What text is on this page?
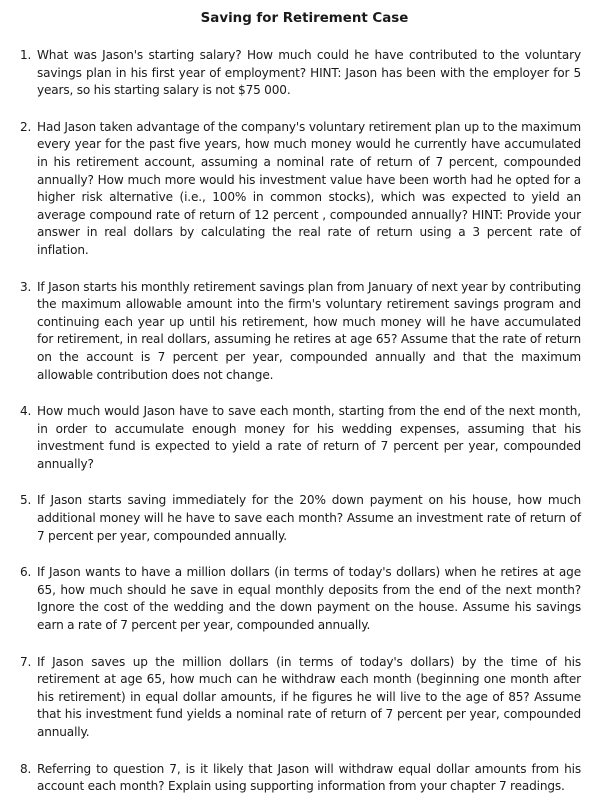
Saving for Retirement Case
1. What was Jason's starting salary? How much could he have contributed to the voluntary savings plan in his first year of employment? HINT: Jason has been with the employer for 5 years, so his starting salary is not $75 000.
2. Had Jason taken advantage of the company's voluntary retirement plan up to the maximum every year for the past five years, how much money would he currently have accumulated in his retirement account, assuming a nominal rate of return of 7 percent, compounded annually? How much more would his investment value have been worth had he opted for a higher risk alternative (i.e., 100% in common stocks), which was expected to yield an average compound rate of return of 12 percent , compounded annually? HINT: Provide your answer in real dollars by calculating the real rate of return using a 3 percent rate of inflation.
3. If Jason starts his monthly retirement savings plan from January of next year by contributing the maximum allowable amount into the firm's voluntary retirement savings program and continuing each year up until his retirement, how much money will he have accumulated for retirement, in real dollars, assuming he retires at age 65? Assume that the rate of return on the account is 7 percent per year, compounded annually and that the maximum allowable contribution does not change.
4. How much would Jason have to save each month, starting from the end of the next month, in order to accumulate enough money for his wedding expenses, assuming that his investment fund is expected to yield a rate of return of 7 percent per year, compounded annually?
5. If Jason starts saving immediately for the 20% down payment on his house, how much additional money will he have to save each month? Assume an investment rate of return of 7 percent per year, compounded annually.
6. If Jason wants to have a million dollars (in terms of today's dollars) when he retires at age 65, how much should he save in equal monthly deposits from the end of the next month? Ignore the cost of the wedding and the down payment on the house. Assume his savings earn a rate of 7 percent per year, compounded annually.
7. If Jason saves up the million dollars (in terms of today's dollars) by the time of his retirement at age 65, how much can he withdraw each month (beginning one month after his retirement) in equal dollar amounts, if he figures he will live to the age of 85? Assume that his investment fund yields a nominal rate of return of 7 percent per year, compounded annually.
8. Referring to question 7, is it likely that Jason will withdraw equal dollar amounts from his account each month? Explain using supporting information from your chapter 7 readings.
